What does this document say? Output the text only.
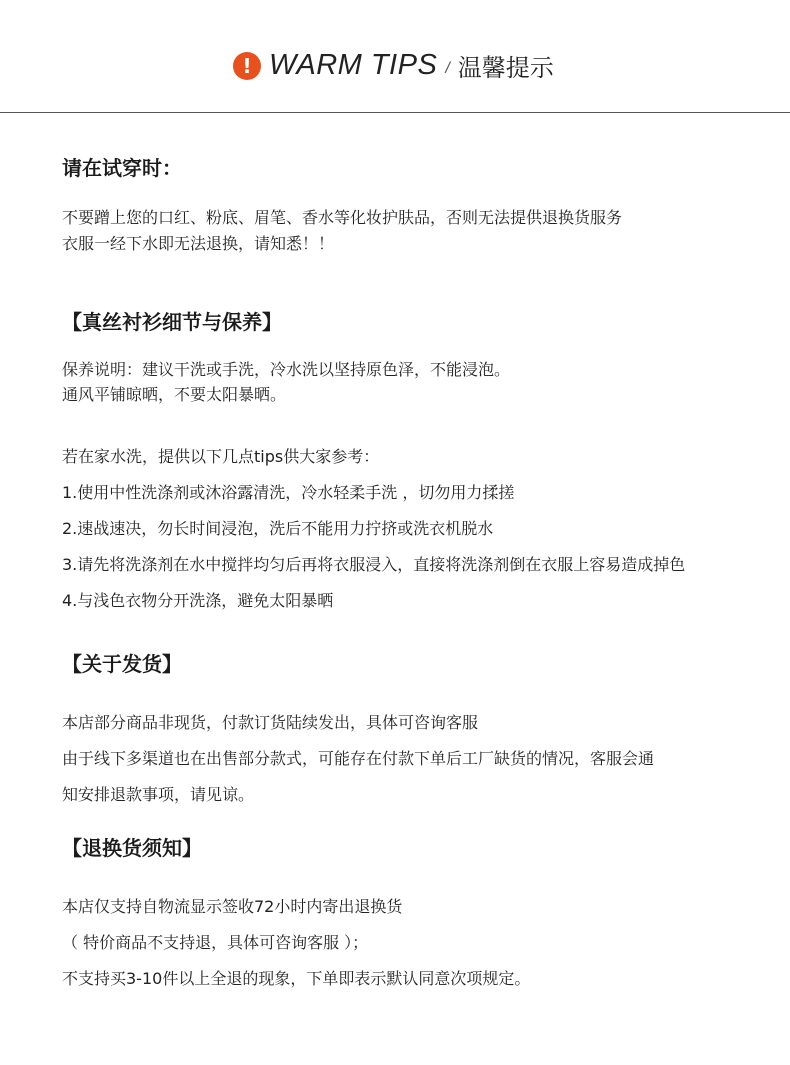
! WARM TIPS / 温馨提示
请在试穿时：

不要蹭上您的口红、粉底、眉笔、香水等化妆护肤品，否则无法提供退换货服务

衣服一经下水即无法退换，请知悉！！

【真丝衬衫细节与保养】

保养说明：建议干洗或手洗，冷水洗以坚持原色泽，不能浸泡。

通风平铺晾晒，不要太阳暴晒。

若在家水洗，提供以下几点tips供大家参考：

1.使用中性洗涤剂或沐浴露清洗，冷水轻柔手洗 ，切勿用力揉搓

2.速战速决，勿长时间浸泡，洗后不能用力拧挤或洗衣机脱水

3.请先将洗涤剂在水中搅拌均匀后再将衣服浸入，直接将洗涤剂倒在衣服上容易造成掉色

4.与浅色衣物分开洗涤，避免太阳暴晒

【关于发货】

本店部分商品非现货，付款订货陆续发出，具体可咨询客服

由于线下多渠道也在出售部分款式，可能存在付款下单后工厂缺货的情况，客服会通

知安排退款事项，请见谅。

【退换货须知】

本店仅支持自物流显示签收72小时内寄出退换货

（ 特价商品不支持退，具体可咨询客服 ）；

不支持买3-10件以上全退的现象，下单即表示默认同意次项规定。
